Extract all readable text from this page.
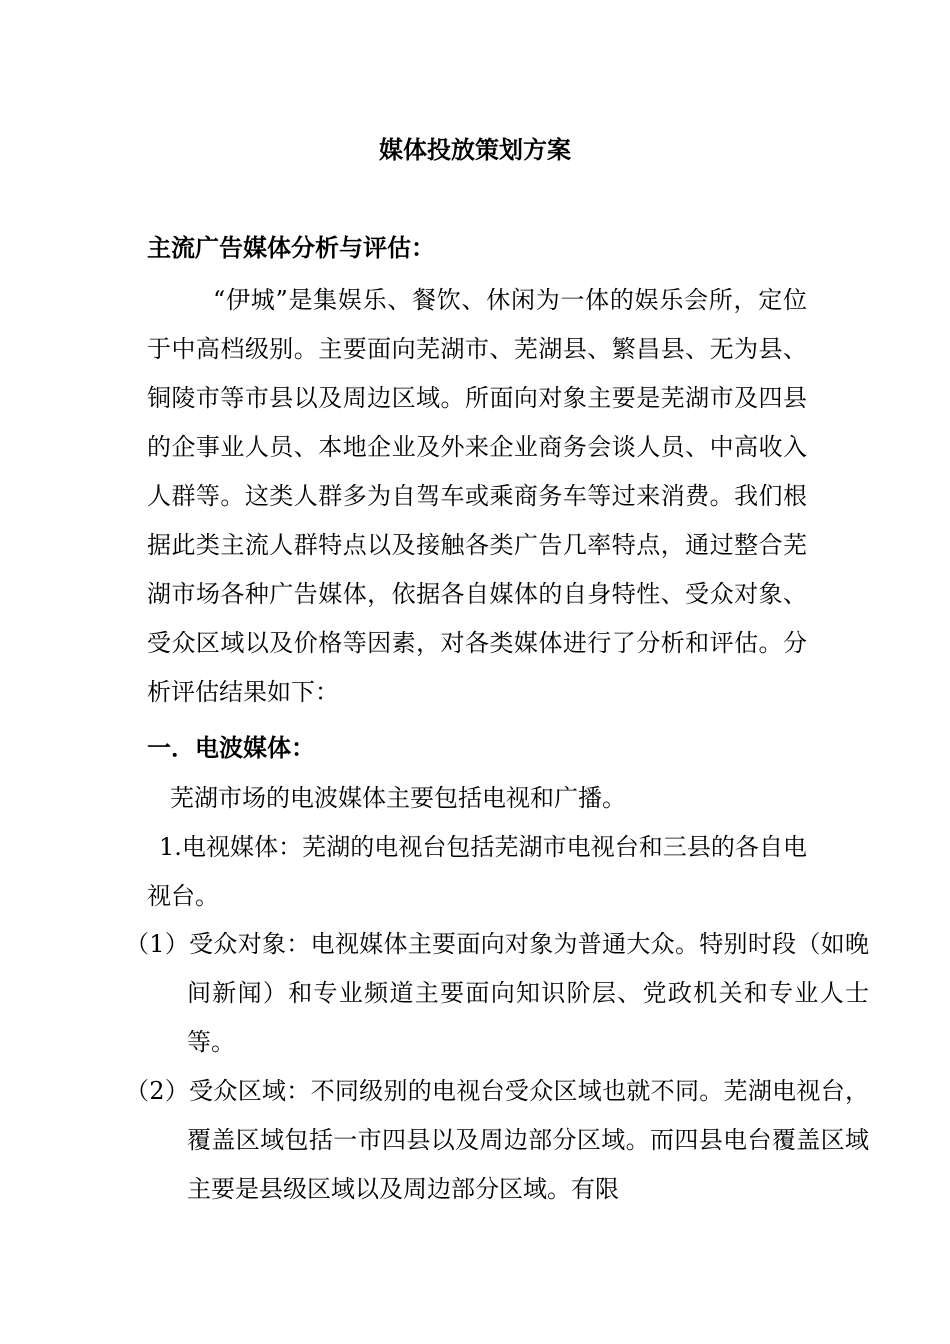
媒体投放策划方案
主流广告媒体分析与评估：

“伊城”是集娱乐、餐饮、休闲为一体的娱乐会所，定位于中高档级别。主要面向芜湖市、芜湖县、繁昌县、无为县、铜陵市等市县以及周边区域。所面向对象主要是芜湖市及四县的企事业人员、本地企业及外来企业商务会谈人员、中高收入人群等。这类人群多为自驾车或乘商务车等过来消费。我们根据此类主流人群特点以及接触各类广告几率特点，通过整合芜湖市场各种广告媒体，依据各自媒体的自身特性、受众对象、受众区域以及价格等因素，对各类媒体进行了分析和评估。分析评估结果如下：

一．电波媒体：

芜湖市场的电波媒体主要包括电视和广播。

1.电视媒体：芜湖的电视台包括芜湖市电视台和三县的各自电视台。

（1）受众对象：电视媒体主要面向对象为普通大众。特别时段（如晚间新闻）和专业频道主要面向知识阶层、党政机关和专业人士等。

（2）受众区域：不同级别的电视台受众区域也就不同。芜湖电视台，覆盖区域包括一市四县以及周边部分区域。而四县电台覆盖区域主要是县级区域以及周边部分区域。有限
